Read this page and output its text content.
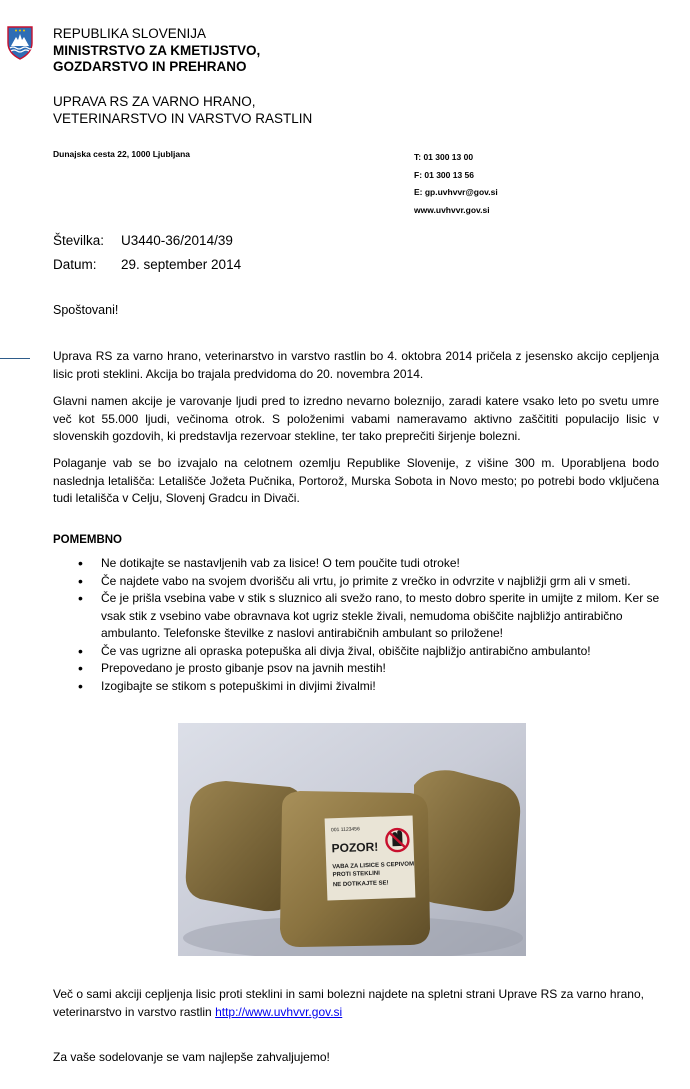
REPUBLIKA SLOVENIJA
MINISTRSTVO ZA KMETIJSTVO,
GOZDARSTVO IN PREHRANO
UPRAVA RS ZA VARNO HRANO,
VETERINARSTVO IN VARSTVO RASTLIN
Dunajska cesta 22, 1000 Ljubljana	T: 01 300 13 00
F: 01 300 13 56
E: gp.uvhvvr@gov.si
www.uvhvvr.gov.si
Številka: U3440-36/2014/39
Datum: 29. september 2014
Spoštovani!

Uprava RS za varno hrano, veterinarstvo in varstvo rastlin bo 4. oktobra 2014 pričela z jesensko akcijo cepljenja lisic proti steklini. Akcija bo trajala predvidoma do 20. novembra 2014.

Glavni namen akcije je varovanje ljudi pred to izredno nevarno boleznijo, zaradi katere vsako leto po svetu umre več kot 55.000 ljudi, večinoma otrok. S položenimi vabami nameravamo aktivno zaščititi populacijo lisic v slovenskih gozdovih, ki predstavlja rezervoar stekline, ter tako preprečiti širjenje bolezni.

Polaganje vab se bo izvajalo na celotnem ozemlju Republike Slovenije, z višine 300 m. Uporabljena bodo naslednja letališča: Letališče Jožeta Pučnika, Portorož, Murska Sobota in Novo mesto; po potrebi bodo vključena tudi letališča v Celju, Slovenj Gradcu in Divači.

POMEMBNO
• Ne dotikajte se nastavljenih vab za lisice! O tem poučite tudi otroke!
• Če najdete vabo na svojem dvorišču ali vrtu, jo primite z vrečko in odvrzite v najbližji grm ali v smeti.
• Če je prišla vsebina vabe v stik s sluznico ali svežo rano, to mesto dobro sperite in umijte z milom. Ker se vsak stik z vsebino vabe obravnava kot ugriz stekle živali, nemudoma obiščite najbližjo antirabično ambulanto. Telefonske številke z naslovi antirabičnih ambulant so priložene!
• Če vas ugrizne ali opraska potepuška ali divja žival, obiščite najbližjo antirabično ambulanto!
• Prepovedano je prosto gibanje psov na javnih mestih!
• Izogibajte se stikom s potepuškimi in divjimi živalmi!
001 1123456
POZOR!
VABA ZA LISICE S CEPIVOM
PROTI STEKLINI
NE DOTIKAJTE SE!

Več o sami akciji cepljenja lisic proti steklini in sami bolezni najdete na spletni strani Uprave RS za varno hrano, veterinarstvo in varstvo rastlin http://www.uvhvvr.gov.si

Za vaše sodelovanje se vam najlepše zahvaljujemo!
